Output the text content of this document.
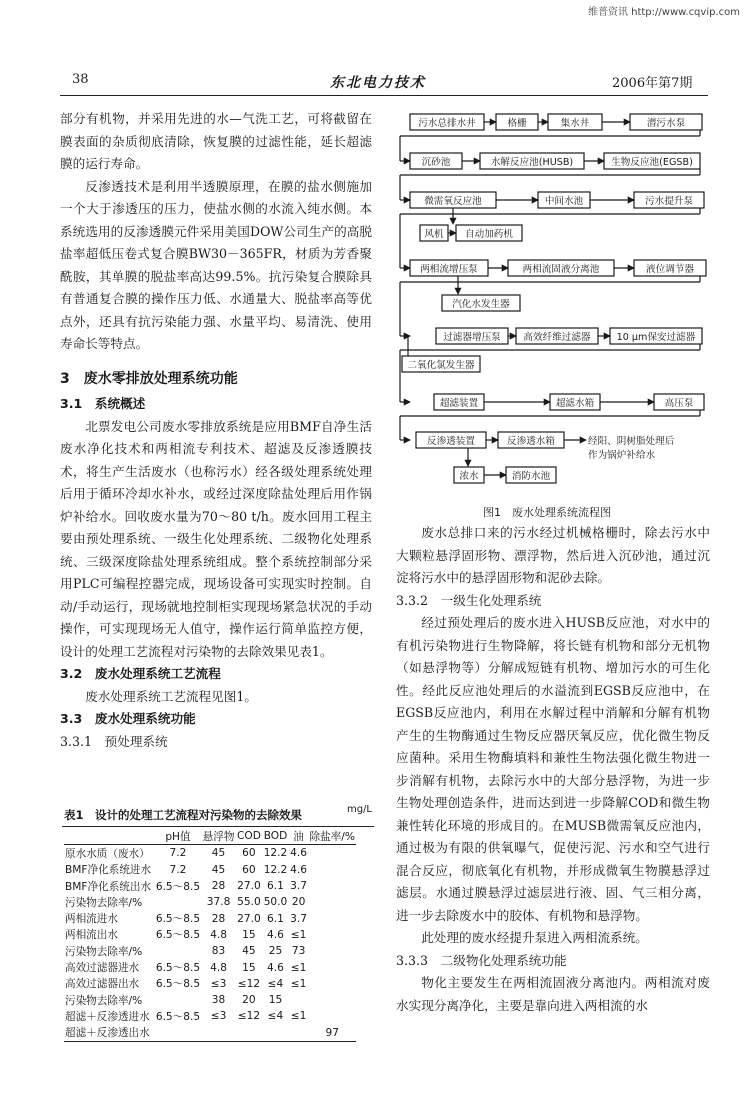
维普资讯 http://www.cqvip.com
38	东北电力技术	2006年第7期

部分有机物，并采用先进的水—气洗工艺，可将截留在膜表面的杂质彻底清除，恢复膜的过滤性能，延长超滤膜的运行寿命。

反渗透技术是利用半透膜原理，在膜的盐水侧施加一个大于渗透压的压力，使盐水侧的水流入纯水侧。本系统选用的反渗透膜元件采用美国DOW公司生产的高脱盐率超低压卷式复合膜BW30－365FR，材质为芳香聚酰胺，其单膜的脱盐率高达99.5%。抗污染复合膜除具有普通复合膜的操作压力低、水通量大、脱盐率高等优点外，还具有抗污染能力强、水量平均、易清洗、使用寿命长等特点。

3　废水零排放处理系统功能
3.1　系统概述

北票发电公司废水零排放系统是应用BMF自净生活废水净化技术和两相流专利技术、超滤及反渗透膜技术，将生产生活废水（也称污水）经各级处理系统处理后用于循环冷却水补水，或经过深度除盐处理后用作锅炉补给水。回收废水量为70～80 t/h。废水回用工程主要由预处理系统、一级生化处理系统、二级物化处理系统、三级深度除盐处理系统组成。整个系统控制部分采用PLC可编程控器完成，现场设备可实现实时控制。自动/手动运行，现场就地控制柜实现现场紧急状况的手动操作，可实现现场无人值守，操作运行简单监控方便，设计的处理工艺流程对污染物的去除效果见表1。

3.2　废水处理系统工艺流程

废水处理系统工艺流程见图1。

3.3　废水处理系统功能
3.3.1　预处理系统
表1　设计的处理工艺流程对污染物的去除效果	mg/L
	pH值	悬浮物	COD	BOD	油	除盐率/%
原水水质（废水）	7.2	45	60	12.2	4.6	
BMF净化系统进水	7.2	45	60	12.2	4.6	
BMF净化系统出水	6.5～8.5	28	27.0	6.1	3.7	
污染物去除率/%		37.8	55.0	50.0	20	
两相流进水	6.5～8.5	28	27.0	6.1	3.7	
两相流出水	6.5～8.5	4.8	15	4.6	≤1	
污染物去除率/%		83	45	25	73	
高效过滤器进水	6.5～8.5	4.8	15	4.6	≤1	
高效过滤器出水	6.5～8.5	≤3	≤12	≤4	≤1	
污染物去除率/%		38	20	15		
超滤＋反渗透进水	6.5～8.5	≤3	≤12	≤4	≤1	
超滤＋反渗透出水						97
污水总排水井	格栅	集水井	潜污水泵
沉砂池	水解反应池(HUSB)	生物反应池(EGSB)
微需氧反应池	中间水池	污水提升泵
风机 自动加药机
两相流增压泵	两相流固液分离池	液位调节器
汽化水发生器
过滤器增压泵 高效纤维过滤器	10 μm保安过滤器
二氧化氯发生器
超滤装置	超滤水箱	高压泵
反渗透装置	反渗透水箱	经阳、阴树脂处理后
作为锅炉补给水
浓水	消防水池
图1　废水处理系统流程图

废水总排口来的污水经过机械格栅时，除去污水中大颗粒悬浮固形物、漂浮物，然后进入沉砂池，通过沉淀将污水中的悬浮固形物和泥砂去除。

3.3.2　一级生化处理系统

经过预处理后的废水进入HUSB反应池，对水中的有机污染物进行生物降解，将长链有机物和部分无机物（如悬浮物等）分解成短链有机物、增加污水的可生化性。经此反应池处理后的水溢流到EGSB反应池中，在EGSB反应池内，利用在水解过程中消解和分解有机物产生的生物酶通过生物反应器厌氧反应，优化微生物反应菌种。采用生物酶填料和兼性生物法强化微生物进一步消解有机物，去除污水中的大部分悬浮物，为进一步生物处理创造条件，进而达到进一步降解COD和微生物兼性转化环境的形成目的。在MUSB微需氧反应池内，通过极为有限的供氧曝气，促使污泥、污水和空气进行混合反应，彻底氧化有机物，并形成微氧生物膜悬浮过滤层。水通过膜悬浮过滤层进行液、固、气三相分离，进一步去除废水中的胶体、有机物和悬浮物。

此处理的废水经提升泵进入两相流系统。

3.3.3　二级物化处理系统功能

物化主要发生在两相流固液分离池内。两相流对废水实现分离净化，主要是靠向进入两相流的水
